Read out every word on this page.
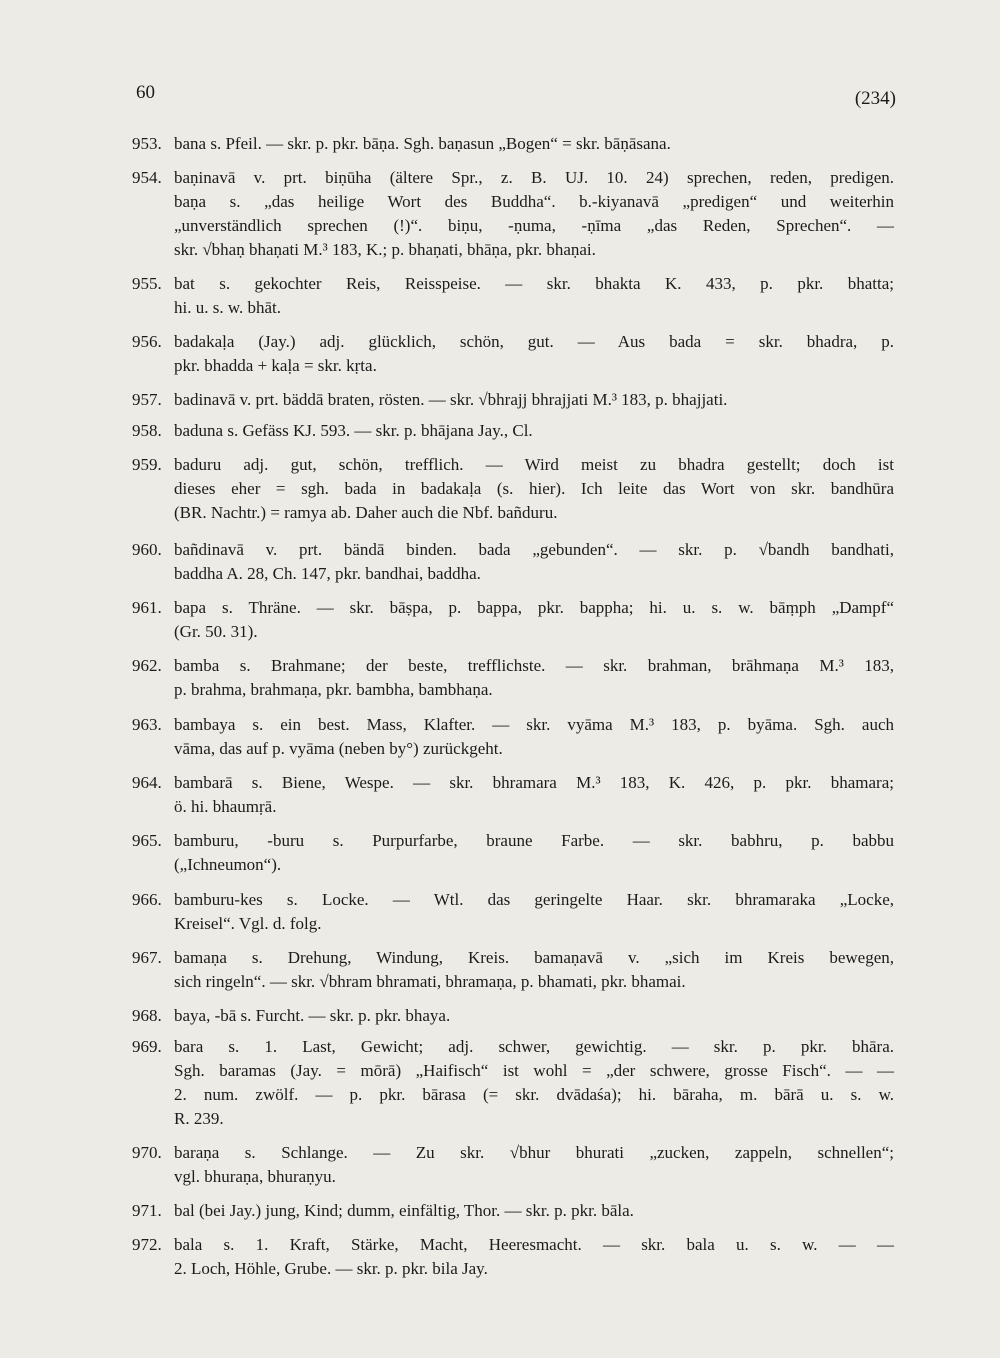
60	(234)
953. bana s. Pfeil. — skr. p. pkr. bāṇa. Sgh. baṇasun „Bogen“ = skr. bāṇāsana.
954. baṇinavā v. prt. biṇūha (ältere Spr., z. B. UJ. 10. 24) sprechen, reden, predigen.
baṇa s. „das heilige Wort des Buddha“. b.-kiyanavā „predigen“ und weiterhin
„unverständlich sprechen (!)“. biṇu, -ṇuma, -ṇīma „das Reden, Sprechen“. —
skr. √bhaṇ bhaṇati M.³ 183, K.; p. bhaṇati, bhāṇa, pkr. bhaṇai.
955. bat s. gekochter Reis, Reisspeise. — skr. bhakta K. 433, p. pkr. bhatta;
hi. u. s. w. bhāt.
956. badakaḷa (Jay.) adj. glücklich, schön, gut. — Aus bada = skr. bhadra, p.
pkr. bhadda + kaḷa = skr. kṛta.
957. badinavā v. prt. bäddā braten, rösten. — skr. √bhrajj bhrajjati M.³ 183, p. bhajjati.
958. baduna s. Gefäss KJ. 593. — skr. p. bhājana Jay., Cl.
959. baduru adj. gut, schön, trefflich. — Wird meist zu bhadra gestellt; doch ist
dieses eher = sgh. bada in badakaḷa (s. hier). Ich leite das Wort von skr. bandhūra
(BR. Nachtr.) = ramya ab. Daher auch die Nbf. bañduru.
960. bañdinavā v. prt. bändā binden. bada „gebunden“. — skr. p. √bandh bandhati,
baddha A. 28, Ch. 147, pkr. bandhai, baddha.
961. bapa s. Thräne. — skr. bāṣpa, p. bappa, pkr. bappha; hi. u. s. w. bāṃph „Dampf“
(Gr. 50. 31).
962. bamba s. Brahmane; der beste, trefflichste. — skr. brahman, brāhmaṇa M.³ 183,
p. brahma, brahmaṇa, pkr. bambha, bambhaṇa.
963. bambaya s. ein best. Mass, Klafter. — skr. vyāma M.³ 183, p. byāma. Sgh. auch
vāma, das auf p. vyāma (neben by°) zurückgeht.
964. bambarā s. Biene, Wespe. — skr. bhramara M.³ 183, K. 426, p. pkr. bhamara;
ö. hi. bhaumṛā.
965. bamburu, -buru s. Purpurfarbe, braune Farbe. — skr. babhru, p. babbu
(„Ichneumon“).
966. bamburu-kes s. Locke. — Wtl. das geringelte Haar. skr. bhramaraka „Locke,
Kreisel“. Vgl. d. folg.
967. bamaṇa s. Drehung, Windung, Kreis. bamaṇavā v. „sich im Kreis bewegen,
sich ringeln“. — skr. √bhram bhramati, bhramaṇa, p. bhamati, pkr. bhamai.
968. baya, -bā s. Furcht. — skr. p. pkr. bhaya.
969. bara s. 1. Last, Gewicht; adj. schwer, gewichtig. — skr. p. pkr. bhāra.
Sgh. baramas (Jay. = mōrā) „Haifisch“ ist wohl = „der schwere, grosse Fisch“. — —
2. num. zwölf. — p. pkr. bārasa (= skr. dvādaśa); hi. bāraha, m. bārā u. s. w.
R. 239.
970. baraṇa s. Schlange. — Zu skr. √bhur bhurati „zucken, zappeln, schnellen“;
vgl. bhuraṇa, bhuraṇyu.
971. bal (bei Jay.) jung, Kind; dumm, einfältig, Thor. — skr. p. pkr. bāla.
972. bala s. 1. Kraft, Stärke, Macht, Heeresmacht. — skr. bala u. s. w. — —
2. Loch, Höhle, Grube. — skr. p. pkr. bila Jay.
